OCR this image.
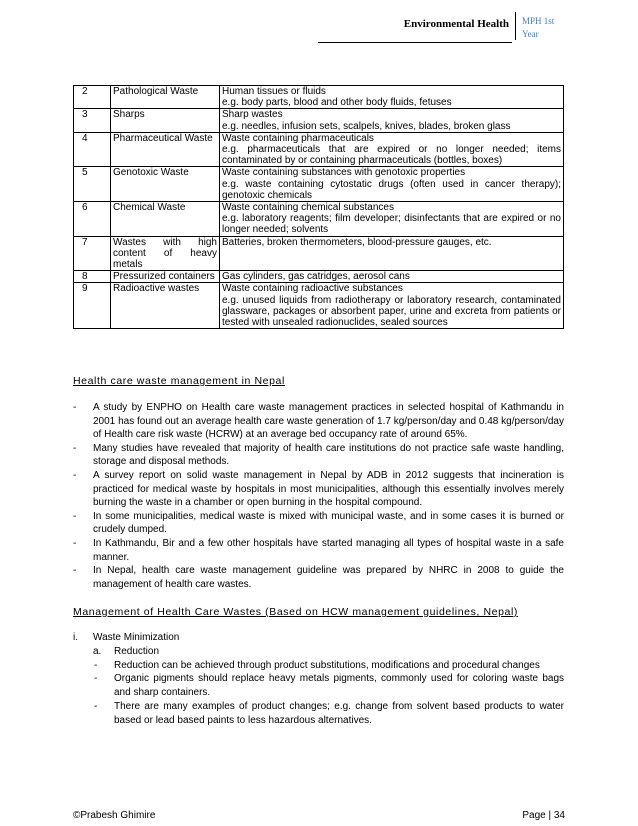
Environmental Health	MPH 1st
Year
2	Pathological Waste	Human tissues or fluids
e.g. body parts, blood and other body fluids, fetuses

3	Sharps	Sharp wastes
e.g. needles, infusion sets, scalpels, knives, blades, broken glass

4	Pharmaceutical Waste	Waste containing pharmaceuticals
e.g. pharmaceuticals that are expired or no longer needed; items contaminated by or containing pharmaceuticals (bottles, boxes)

5	Genotoxic Waste	Waste containing substances with genotoxic properties
e.g. waste containing cytostatic drugs (often used in cancer therapy); genotoxic chemicals

6	Chemical Waste	Waste containing chemical substances
e.g. laboratory reagents; film developer; disinfectants that are expired or no longer needed; solvents

7	Wastes with high content of heavy metals	Batteries, broken thermometers, blood-pressure gauges, etc.

8	Pressurized containers	Gas cylinders, gas catridges, aerosol cans

9	Radioactive wastes	Waste containing radioactive substances
e.g. unused liquids from radiotherapy or laboratory research, contaminated glassware, packages or absorbent paper, urine and excreta from patients or tested with unsealed radionuclides, sealed sources
Health care waste management in Nepal
- A study by ENPHO on Health care waste management practices in selected hospital of Kathmandu in 2001 has found out an average health care waste generation of 1.7 kg/person/day and 0.48 kg/person/day of Health care risk waste (HCRW) at an average bed occupancy rate of around 65%.
- Many studies have revealed that majority of health care institutions do not practice safe waste handling, storage and disposal methods.
- A survey report on solid waste management in Nepal by ADB in 2012 suggests that incineration is practiced for medical waste by hospitals in most municipalities, although this essentially involves merely burning the waste in a chamber or open burning in the hospital compound.
- In some municipalities, medical waste is mixed with municipal waste, and in some cases it is burned or crudely dumped.
- In Kathmandu, Bir and a few other hospitals have started managing all types of hospital waste in a safe manner.
- In Nepal, health care waste management guideline was prepared by NHRC in 2008 to guide the management of health care wastes.
Management of Health Care Wastes (Based on HCW management guidelines, Nepal)
i. Waste Minimization
a. Reduction
- Reduction can be achieved through product substitutions, modifications and procedural changes
- Organic pigments should replace heavy metals pigments, commonly used for coloring waste bags and sharp containers.
- There are many examples of product changes; e.g. change from solvent based products to water based or lead based paints to less hazardous alternatives.
©Prabesh Ghimire	Page | 34
